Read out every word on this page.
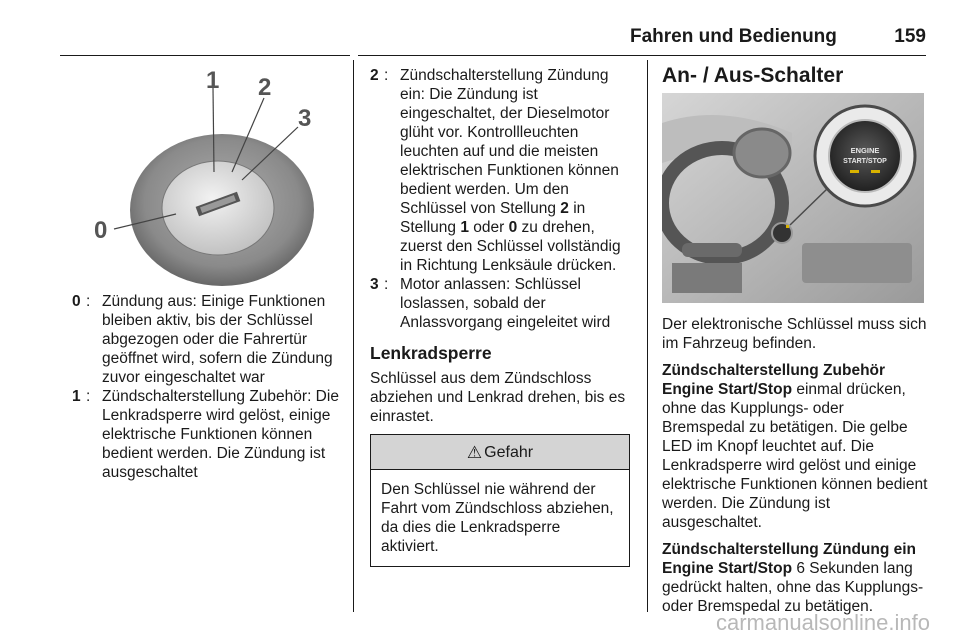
Fahren und Bedienung	159
1 2
3
0
0 : Zündung aus: Einige Funktionen bleiben aktiv, bis der Schlüssel abgezogen oder die Fahrertür geöffnet wird, sofern die Zündung zuvor eingeschaltet war
1 : Zündschalterstellung Zubehör: Die Lenkradsperre wird gelöst, einige elektrische Funktionen können bedient werden. Die Zündung ist ausgeschaltet
2 : Zündschalterstellung Zündung ein: Die Zündung ist eingeschaltet, der Dieselmotor glüht vor. Kontrollleuchten leuchten auf und die meisten elektrischen Funktionen können bedient werden. Um den Schlüssel von Stellung 2 in Stellung 1 oder 0 zu drehen, zuerst den Schlüssel vollständig in Richtung Lenksäule drücken.
3 : Motor anlassen: Schlüssel loslassen, sobald der Anlassvorgang eingeleitet wird
Lenkradsperre

Schlüssel aus dem Zündschloss abziehen und Lenkrad drehen, bis es einrastet.

⚠ Gefahr
Den Schlüssel nie während der Fahrt vom Zündschloss abziehen, da dies die Lenkradsperre aktiviert.
An- / Aus-Schalter
ENGINE
START/STOP

Der elektronische Schlüssel muss sich im Fahrzeug befinden.

Zündschalterstellung Zubehör Engine Start/Stop einmal drücken, ohne das Kupplungs- oder Bremspedal zu betätigen. Die gelbe LED im Knopf leuchtet auf. Die Lenkradsperre wird gelöst und einige elektrische Funktionen können bedient werden. Die Zündung ist ausgeschaltet.

Zündschalterstellung Zündung ein Engine Start/Stop 6 Sekunden lang gedrückt halten, ohne das Kupplungs- oder Bremspedal zu betätigen.

carmanualsonline.info
